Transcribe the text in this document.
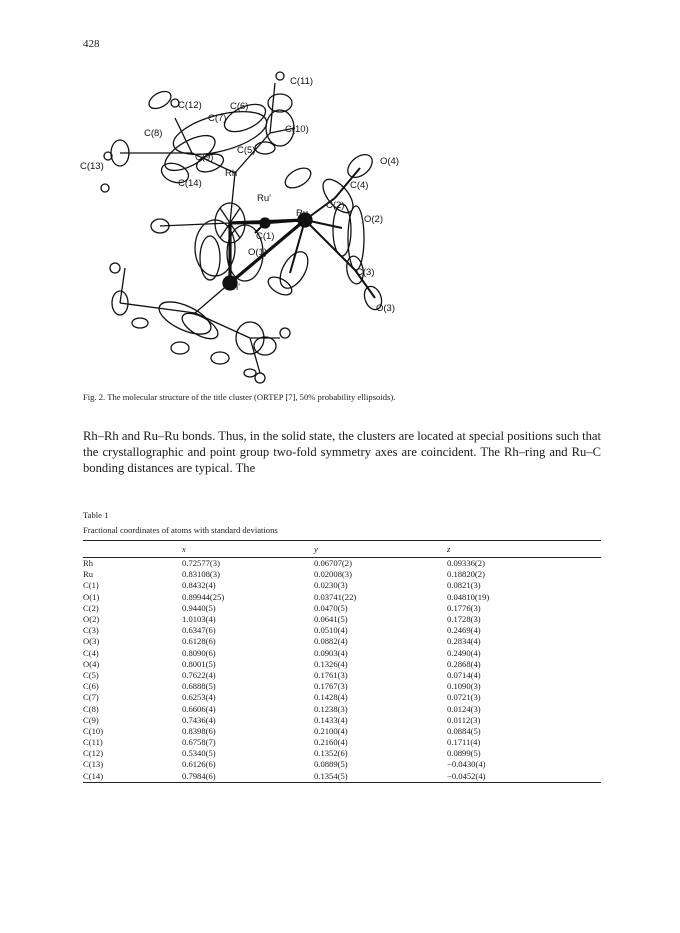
428
C(11)
C(12)	C(6)
C(7)
C(8)	C(10)
C(9)
C(5)
C(13)
C(14)
Rh
O(4)
C(4)
Ru'
Ru
C(2)
O(2)
C(1)
O(1)
Rh'
C(3)
O(3)
Fig. 2. The molecular structure of the title cluster (ORTEP [7], 50% probability ellipsoids).

Rh–Rh and Ru–Ru bonds. Thus, in the solid state, the clusters are located at special positions such that the crystallographic and point group two-fold symmetry axes are coincident. The Rh–ring and Ru–C bonding distances are typical. The

Table 1
Fractional coordinates of atoms with standard deviations
	x	y	z
Rh	0.72577(3)	0.06707(2)	0.09336(2)
Ru	0.83108(3)	0.02008(3)	0.18820(2)
C(1)	0.8432(4)	0.0230(3)	0.0821(3)
O(1)	0.89944(25)	0.03741(22)	0.04810(19)
C(2)	0.9440(5)	0.0470(5)	0.1776(3)
O(2)	1.0103(4)	0.0641(5)	0.1728(3)
C(3)	0.6347(6)	0.0510(4)	0.2469(4)
O(3)	0.6128(6)	0.0882(4)	0.2834(4)
C(4)	0.8090(6)	0.0903(4)	0.2490(4)
O(4)	0.8001(5)	0.1326(4)	0.2868(4)
C(5)	0.7622(4)	0.1761(3)	0.0714(4)
C(6)	0.6888(5)	0.1767(3)	0.1090(3)
C(7)	0.6253(4)	0.1428(4)	0.0721(3)
C(8)	0.6606(4)	0.1238(3)	0.0124(3)
C(9)	0.7436(4)	0.1433(4)	0.0112(3)
C(10)	0.8398(6)	0.2100(4)	0.0884(5)
C(11)	0.6758(7)	0.2160(4)	0.1711(4)
C(12)	0.5340(5)	0.1352(6)	0.0899(5)
C(13)	0.6126(6)	0.0889(5)	−0.0430(4)
C(14)	0.7984(6)	0.1354(5)	−0.0452(4)
